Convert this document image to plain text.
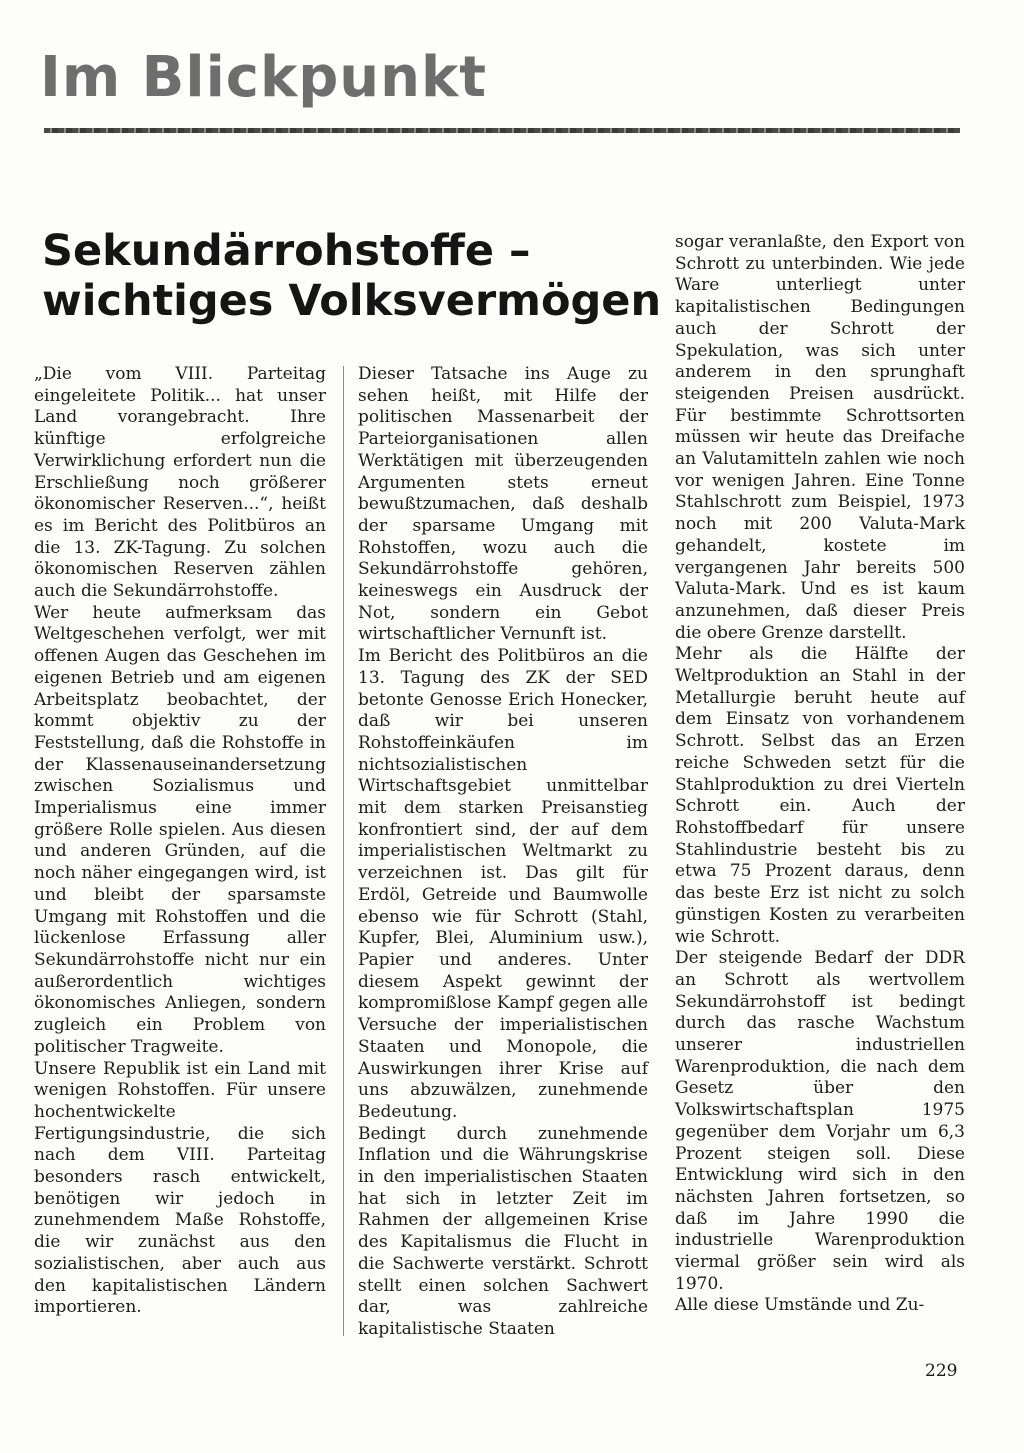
Im Blickpunkt
Sekundärrohstoffe –
wichtiges Volksvermögen

„Die vom VIII. Parteitag eingeleitete Politik... hat unser Land vorangebracht. Ihre künftige erfolgreiche Verwirklichung erfordert nun die Erschließung noch größerer ökonomischer Reserven...“, heißt es im Bericht des Politbüros an die 13. ZK-Tagung. Zu solchen ökonomischen Reserven zählen auch die Sekundärrohstoffe.

Wer heute aufmerksam das Weltgeschehen verfolgt, wer mit offenen Augen das Geschehen im eigenen Betrieb und am eigenen Arbeitsplatz beobachtet, der kommt objektiv zu der Feststellung, daß die Rohstoffe in der Klassenauseinandersetzung zwischen Sozialismus und Imperialismus eine immer größere Rolle spielen. Aus diesen und anderen Gründen, auf die noch näher eingegangen wird, ist und bleibt der sparsamste Umgang mit Rohstoffen und die lückenlose Erfassung aller Sekundärrohstoffe nicht nur ein außerordentlich wichtiges ökonomisches Anliegen, sondern zugleich ein Problem von politischer Tragweite.

Unsere Republik ist ein Land mit wenigen Rohstoffen. Für unsere hochentwickelte Fertigungsindustrie, die sich nach dem VIII. Parteitag besonders rasch entwickelt, benötigen wir jedoch in zunehmendem Maße Rohstoffe, die wir zunächst aus den sozialistischen, aber auch aus den kapitalistischen Ländern importieren.

Dieser Tatsache ins Auge zu sehen heißt, mit Hilfe der politischen Massenarbeit der Parteiorganisationen allen Werktätigen mit überzeugenden Argumenten stets erneut bewußtzumachen, daß deshalb der sparsame Umgang mit Rohstoffen, wozu auch die Sekundärrohstoffe gehören, keineswegs ein Ausdruck der Not, sondern ein Gebot wirtschaftlicher Vernunft ist.

Im Bericht des Politbüros an die 13. Tagung des ZK der SED betonte Genosse Erich Honecker, daß wir bei unseren Rohstoffeinkäufen im nichtsozialistischen Wirtschaftsgebiet unmittelbar mit dem starken Preisanstieg konfrontiert sind, der auf dem imperialistischen Weltmarkt zu verzeichnen ist. Das gilt für Erdöl, Getreide und Baumwolle ebenso wie für Schrott (Stahl, Kupfer, Blei, Aluminium usw.), Papier und anderes. Unter diesem Aspekt gewinnt der kompromißlose Kampf gegen alle Versuche der imperialistischen Staaten und Monopole, die Auswirkungen ihrer Krise auf uns abzuwälzen, zunehmende Bedeutung.

Bedingt durch zunehmende Inflation und die Währungskrise in den imperialistischen Staaten hat sich in letzter Zeit im Rahmen der allgemeinen Krise des Kapitalismus die Flucht in die Sachwerte verstärkt. Schrott stellt einen solchen Sachwert dar, was zahlreiche kapitalistische Staaten

sogar veranlaßte, den Export von Schrott zu unterbinden. Wie jede Ware unterliegt unter kapitalistischen Bedingungen auch der Schrott der Spekulation, was sich unter anderem in den sprunghaft steigenden Preisen ausdrückt. Für bestimmte Schrottsorten müssen wir heute das Dreifache an Valutamitteln zahlen wie noch vor wenigen Jahren. Eine Tonne Stahlschrott zum Beispiel, 1973 noch mit 200 Valuta-Mark gehandelt, kostete im vergangenen Jahr bereits 500 Valuta-Mark. Und es ist kaum anzunehmen, daß dieser Preis die obere Grenze darstellt.

Mehr als die Hälfte der Weltproduktion an Stahl in der Metallurgie beruht heute auf dem Einsatz von vorhandenem Schrott. Selbst das an Erzen reiche Schweden setzt für die Stahlproduktion zu drei Vierteln Schrott ein. Auch der Rohstoffbedarf für unsere Stahlindustrie besteht bis zu etwa 75 Prozent daraus, denn das beste Erz ist nicht zu solch günstigen Kosten zu verarbeiten wie Schrott.

Der steigende Bedarf der DDR an Schrott als wertvollem Sekundärrohstoff ist bedingt durch das rasche Wachstum unserer industriellen Warenproduktion, die nach dem Gesetz über den Volkswirtschaftsplan 1975 gegenüber dem Vorjahr um 6,3 Prozent steigen soll. Diese Entwicklung wird sich in den nächsten Jahren fortsetzen, so daß im Jahre 1990 die industrielle Warenproduktion viermal größer sein wird als 1970.

Alle diese Umstände und Zu-

229
